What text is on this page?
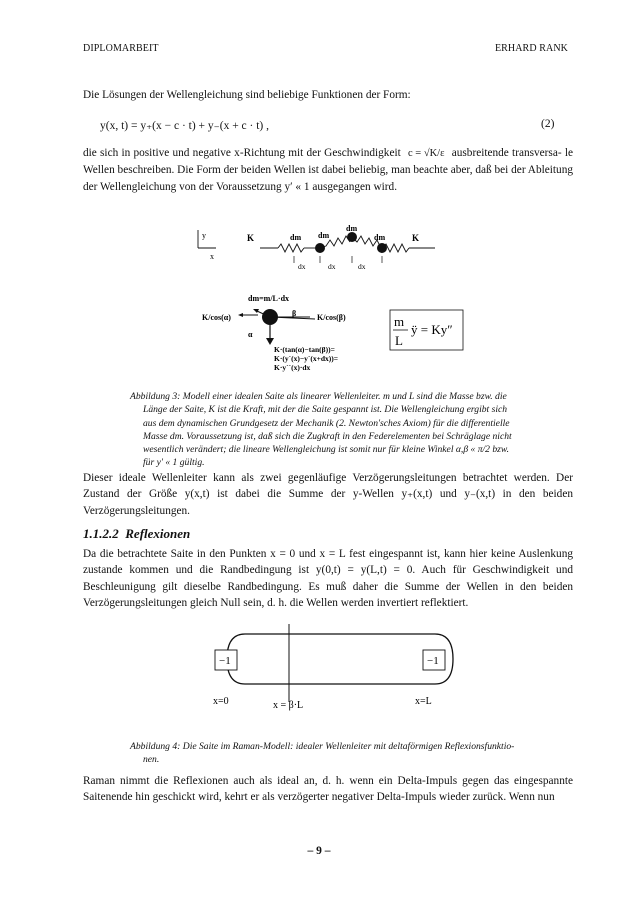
DIPLOMARBEIT	ERHARD RANK
Die Lösungen der Wellengleichung sind beliebige Funktionen der Form:
y(x, t) = y₊(x − c · t) + y₋(x + c · t) ,	(2)
die sich in positive und negative x-Richtung mit der Geschwindigkeit c = √K/ε ausbreitende transversa- le Wellen beschreiben. Die Form der beiden Wellen ist dabei beliebig, man beachte aber, daß bei der Ableitung der Wellengleichung von der Voraussetzung y′ « 1 ausgegangen wird.
y
x
K	dm dm
dm
dm	K
dx	dx	dx
dm=m/L·dx
K/cos(α)	K/cos(β)
α
β
K·(tan(α)−tan(β))=
K·(y´(x)−y´(x+dx))=
K·y´´(x)·dx
m
L
ÿ = Ky″
Abbildung 3: Modell einer idealen Saite als linearer Wellenleiter. m und L sind die Masse bzw. die
Länge der Saite, K ist die Kraft, mit der die Saite gespannt ist. Die Wellengleichung ergibt sich
aus dem dynamischen Grundgesetz der Mechanik (2. Newton'sches Axiom) für die differentielle
Masse dm. Voraussetzung ist, daß sich die Zugkraft in den Federelementen bei Schräglage nicht
wesentlich verändert; die lineare Wellengleichung ist somit nur für kleine Winkel α,β « π/2 bzw.
für y′ « 1 gültig.
Dieser ideale Wellenleiter kann als zwei gegenläufige Verzögerungsleitungen betrachtet werden. Der Zustand der Größe y(x,t) ist dabei die Summe der y-Wellen y₊(x,t) und y₋(x,t) in den beiden Verzögerungsleitungen.
1.1.2.2 Reflexionen
Da die betrachtete Saite in den Punkten x = 0 und x = L fest eingespannt ist, kann hier keine Auslenkung zustande kommen und die Randbedingung ist y(0,t) = y(L,t) = 0. Auch für Geschwindigkeit und Beschleunigung gilt dieselbe Randbedingung. Es muß daher die Summe der Wellen in den beiden Verzögerungsleitungen gleich Null sein, d. h. die Wellen werden invertiert reflektiert.
−1	−1
x=0	x = β·L	x=L
Abbildung 4: Die Saite im Raman-Modell: idealer Wellenleiter mit deltaförmigen Reflexionsfunktio-
nen.
Raman nimmt die Reflexionen auch als ideal an, d. h. wenn ein Delta-Impuls gegen das eingespannte Saitenende hin geschickt wird, kehrt er als verzögerter negativer Delta-Impuls wieder zurück. Wenn nun
– 9 –
